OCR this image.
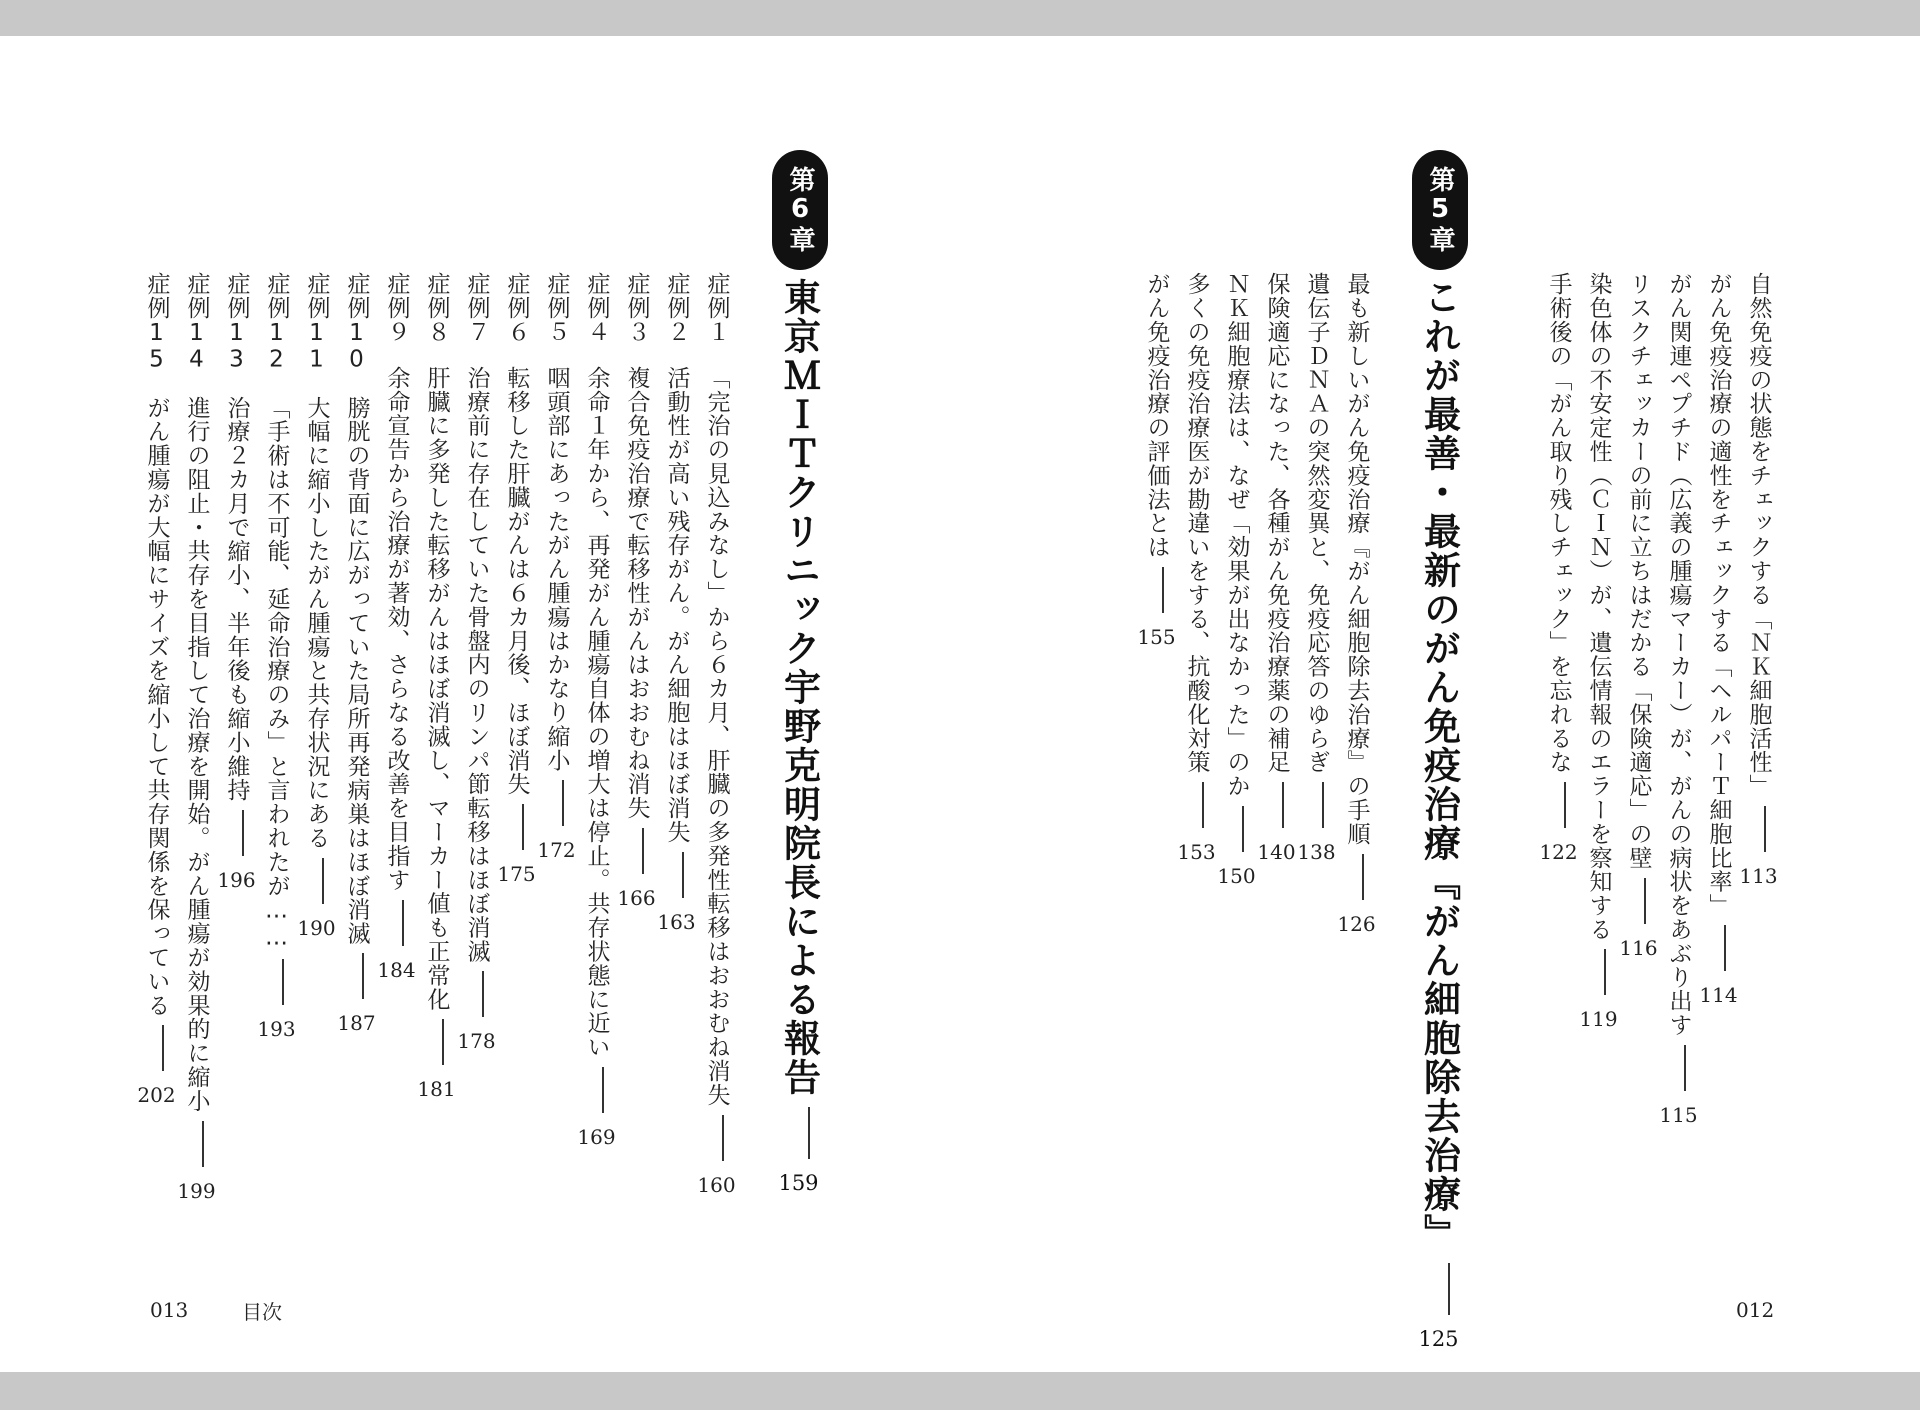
自然免疫の状態をチェックする「ＮＫ細胞活性」113
がん免疫治療の適性をチェックする「ヘルパーＴ細胞比率」114
がん関連ペプチド（広義の腫瘍マーカー）が、がんの病状をあぶり出す115
リスクチェッカーの前に立ちはだかる「保険適応」の壁116
染色体の不安定性（ＣＩＮ）が、遺伝情報のエラーを察知する119
手術後の「がん取り残しチェック」を忘れるな122
第5章
これが最善・最新のがん免疫治療『がん細胞除去治療』125
最も新しいがん免疫治療『がん細胞除去治療』の手順126
遺伝子ＤＮＡの突然変異と、免疫応答のゆらぎ138
保険適応になった、各種がん免疫治療薬の補足140
ＮＫ細胞療法は、なぜ「効果が出なかった」のか150
多くの免疫治療医が勘違いをする、抗酸化対策153
がん免疫治療の評価法とは155
012
第6章
東京ＭＩＴクリニック宇野克明院長による報告159
症例１「完治の見込みなし」から６カ月、肝臓の多発性転移はおおむね消失160
症例２活動性が高い残存がん。がん細胞はほぼ消失163
症例３複合免疫治療で転移性がんはおおむね消失166
症例４余命１年から、再発がん腫瘍自体の増大は停止。共存状態に近い169
症例５咽頭部にあったがん腫瘍はかなり縮小172
症例６転移した肝臓がんは６カ月後、ほぼ消失175
症例７治療前に存在していた骨盤内のリンパ節転移はほぼ消滅178
症例８肝臓に多発した転移がんはほぼ消滅し、マーカー値も正常化181
症例９余命宣告から治療が著効、さらなる改善を目指す184
症例10膀胱の背面に広がっていた局所再発病巣はほぼ消滅187
症例11大幅に縮小したがん腫瘍と共存状況にある190
症例12「手術は不可能、延命治療のみ」と言われたが……193
症例13治療２カ月で縮小、半年後も縮小維持196
症例14進行の阻止・共存を目指して治療を開始。がん腫瘍が効果的に縮小199
症例15がん腫瘍が大幅にサイズを縮小して共存関係を保っている202
013	目次
